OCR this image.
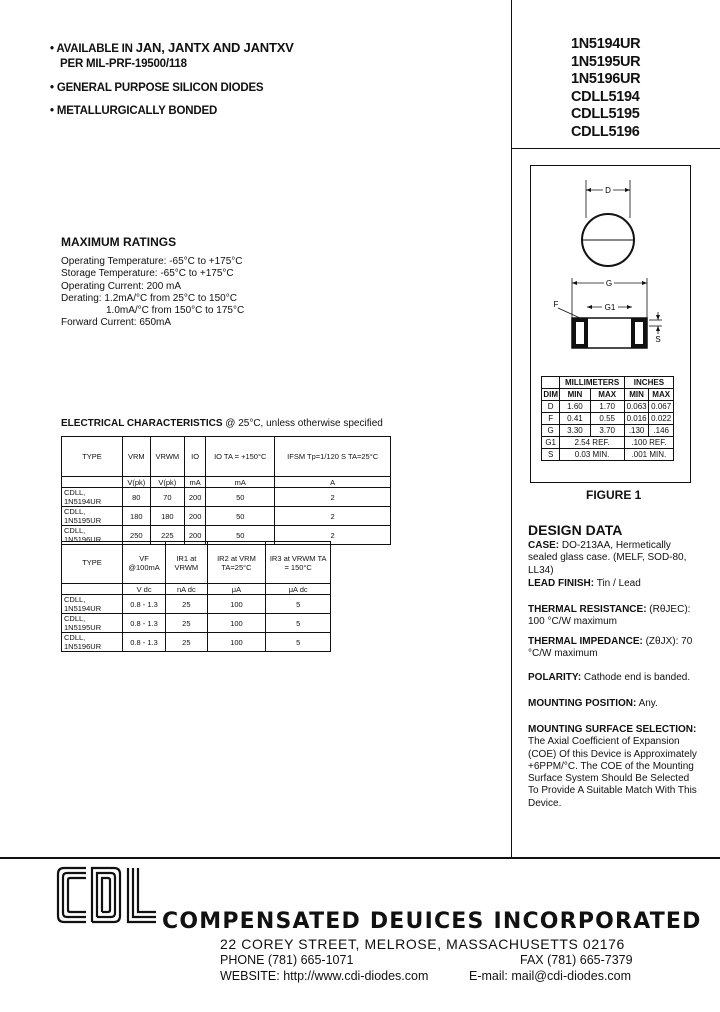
• AVAILABLE IN JAN, JANTX AND JANTXV
PER MIL-PRF-19500/118
• GENERAL PURPOSE SILICON DIODES
• METALLURGICALLY BONDED
1N5194UR
1N5195UR
1N5196UR
CDLL5194
CDLL5195
CDLL5196
MAXIMUM RATINGS
Operating Temperature: -65°C to +175°C
Storage Temperature: -65°C to +175°C
Operating Current: 200 mA
Derating: 1.2mA/°C from 25°C to 150°C
1.0mA/°C from 150°C to 175°C
Forward Current: 650mA
ELECTRICAL CHARACTERISTICS @ 25°C, unless otherwise specified
TYPE	VRM	VRWM	IO	IO TA = +150°C	IFSM Tp=1/120 S TA=25°C
	V(pk)	V(pk)	mA	mA	A
CDLL, 1N5194UR	80	70	200	50	2
CDLL, 1N5195UR	180	180	200	50	2
CDLL, 1N5196UR	250	225	200	50	2
TYPE	VF @100mA	IR1 at VRWM	IR2 at VRM TA=25°C	IR3 at VRWM TA = 150°C
	V dc	nA dc	μA	μA dc
CDLL, 1N5194UR	0.8 - 1.3	25	100	5
CDLL, 1N5195UR	0.8 - 1.3	25	100	5
CDLL, 1N5196UR	0.8 - 1.3	25	100	5
D
G
G1
F
S
	MILLIMETERS		INCHES	
DIM	MIN	MAX	MIN	MAX
D	1.60	1.70	0.063	0.067
F	0.41	0.55	0.016	0.022
G	3.30	3.70	.130	.146
G1	2.54 REF.		.100 REF.	
S	0.03 MIN.		.001 MIN.	
FIGURE 1
DESIGN DATA
CASE: DO-213AA, Hermetically sealed glass case. (MELF, SOD-80, LL34)
LEAD FINISH: Tin / Lead
THERMAL RESISTANCE: (RθJEC):
100 °C/W maximum
THERMAL IMPEDANCE: (ZθJX): 70 °C/W maximum
POLARITY: Cathode end is banded.
MOUNTING POSITION: Any.
MOUNTING SURFACE SELECTION:
The Axial Coefficient of Expansion (COE) Of this Device is Approximately +6PPM/°C. The COE of the Mounting Surface System Should Be Selected To Provide A Suitable Match With This Device.
cdi COMPENSATED DEUICES INCORPORATED
22 COREY STREET, MELROSE, MASSACHUSETTS 02176
PHONE (781) 665-1071	FAX (781) 665-7379
WEBSITE: http://www.cdi-diodes.com	E-mail: mail@cdi-diodes.com
